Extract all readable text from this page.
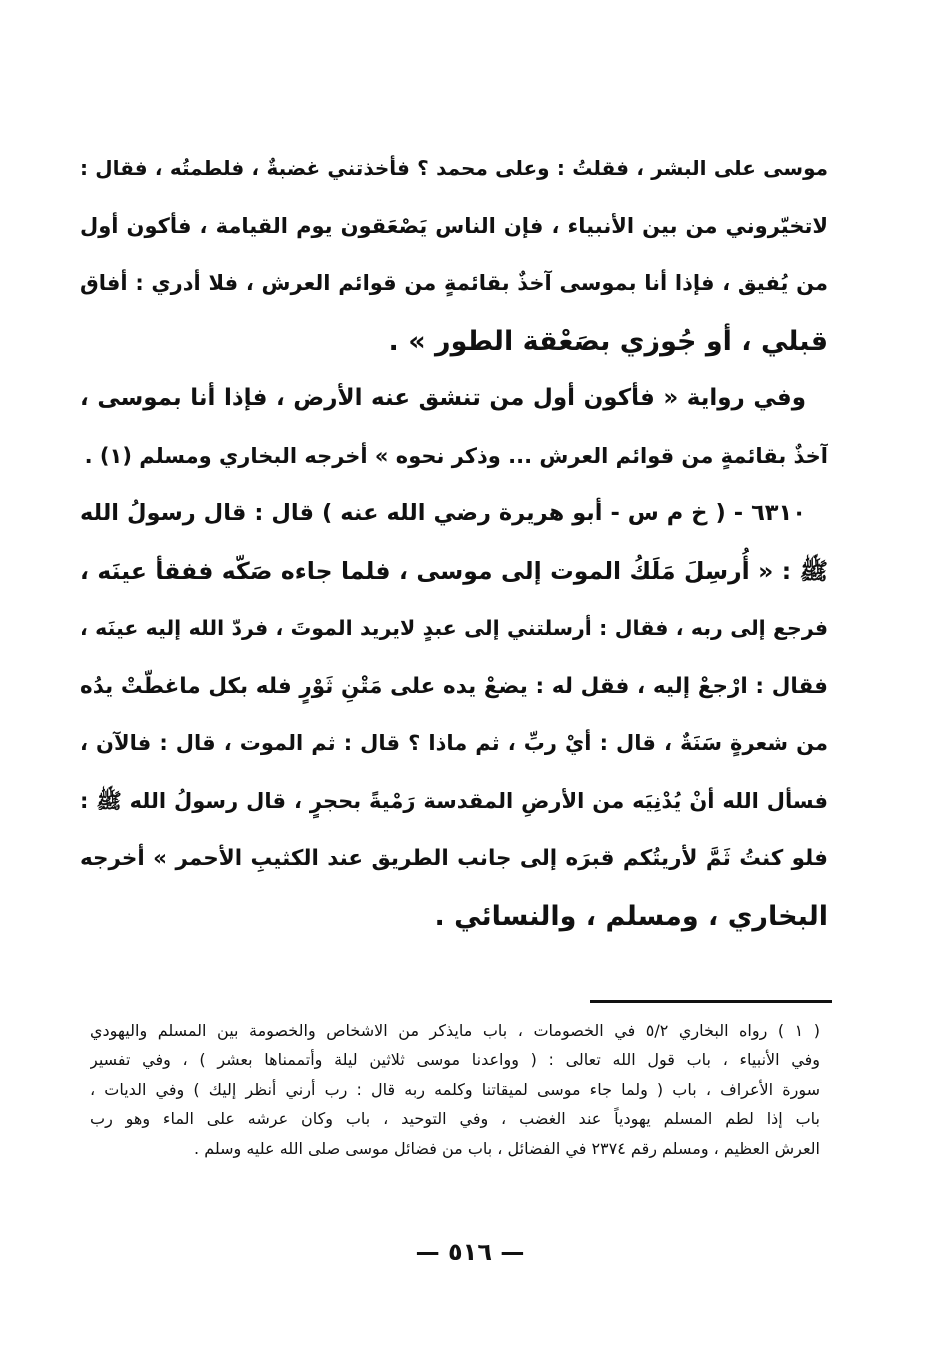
موسى على البشر ، فقلتُ : وعلى محمد ؟ فأخذتني غضبةٌ ، فلطمتُه ، فقال :
لاتخيّروني من بين الأنبياء ، فإن الناس يَصْعَقون يوم القيامة ، فأكون أول
من يُفيق ، فإذا أنا بموسى آخذٌ بقائمةٍ من قوائم العرش ، فلا أدري : أفاق
قبلي ، أو جُوزي بصَعْقة الطور » .
وفي رواية « فأكون أول من تنشق عنه الأرض ، فإذا أنا بموسى ،
آخذٌ بقائمةٍ من قوائم العرش ... وذكر نحوه » أخرجه البخاري ومسلم (١) .
٦٣١٠ - ( خ م س - أبو هريرة رضي الله عنه ) قال : قال رسولُ الله
ﷺ : « أُرسِلَ مَلَكُ الموت إلى موسى ، فلما جاءه صَكّه ففقأ عينَه ،
فرجع إلى ربه ، فقال : أرسلتني إلى عبدٍ لايريد الموتَ ، فردّ الله إليه عينَه ،
فقال : ارْجعْ إليه ، فقل له : يضعْ يده على مَتْنِ ثَوْرٍ فله بكل ماغطّتْ يدُه
من شعرةٍ سَنَةٌ ، قال : أيْ ربِّ ، ثم ماذا ؟ قال : ثم الموت ، قال : فالآن ،
فسأل الله أنْ يُدْنِيَه من الأرضِ المقدسة رَمْيةً بحجرٍ ، قال رسولُ الله ﷺ :
فلو كنتُ ثَمَّ لأريتُكم قبرَه إلى جانب الطريق عند الكثيبِ الأحمر » أخرجه
البخاري ، ومسلم ، والنسائي .
( ١ ) رواه البخاري ٥/٢ في الخصومات ، باب مايذكر من الاشخاص والخصومة بين المسلم واليهودي
وفي الأنبياء ، باب قول الله تعالى : ( وواعدنا موسى ثلاثين ليلة وأتممناها بعشر ) ، وفي تفسير
سورة الأعراف ، باب ( ولما جاء موسى لميقاتنا وكلمه ربه قال : رب أرني أنظر إليك ) وفي الديات ،
باب إذا لطم المسلم يهودياً عند الغضب ، وفي التوحيد ، باب وكان عرشه على الماء وهو رب
العرش العظيم ، ومسلم رقم ٢٣٧٤ في الفضائل ، باب من فضائل موسى صلى الله عليه وسلم .
— ٥١٦ —
